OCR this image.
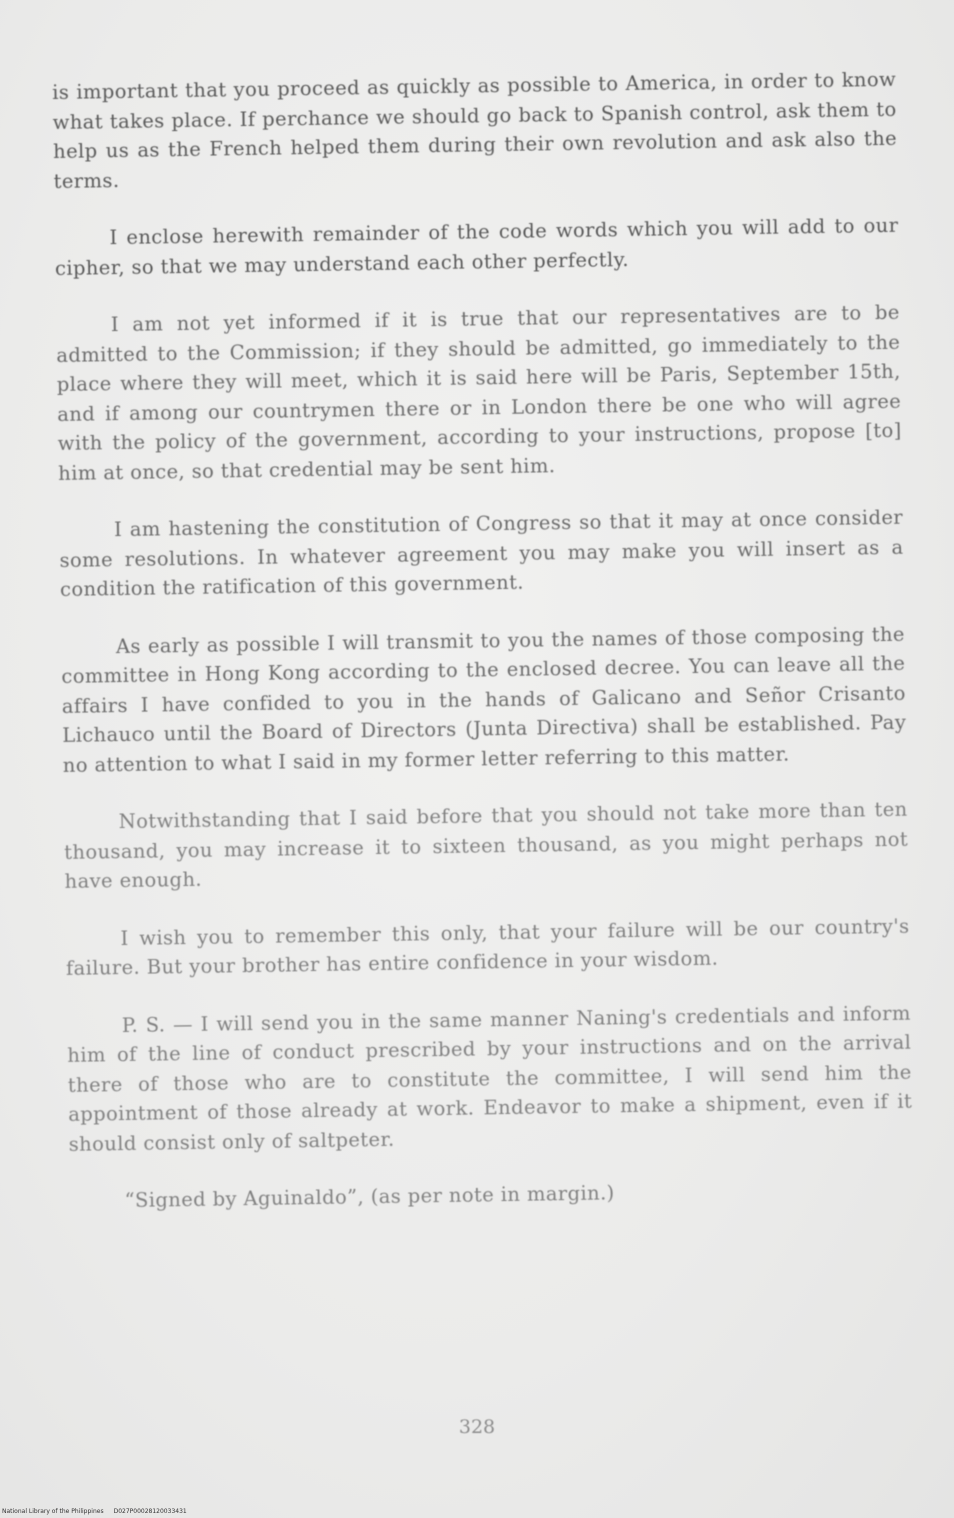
is important that you proceed as quickly as possible to America, in order to know what takes place. If perchance we should go back to Spanish control, ask them to help us as the French helped them during their own revolution and ask also the terms.

I enclose herewith remainder of the code words which you will add to our cipher, so that we may understand each other perfectly.

I am not yet informed if it is true that our representatives are to be admitted to the Commission; if they should be admitted, go immediately to the place where they will meet, which it is said here will be Paris, September 15th, and if among our countrymen there or in London there be one who will agree with the policy of the government, according to your instructions, propose [to] him at once, so that credential may be sent him.

I am hastening the constitution of Congress so that it may at once consider some resolutions. In whatever agreement you may make you will insert as a condition the ratification of this government.

As early as possible I will transmit to you the names of those composing the committee in Hong Kong according to the enclosed decree. You can leave all the affairs I have confided to you in the hands of Galicano and Señor Crisanto Lichauco until the Board of Directors (Junta Directiva) shall be established. Pay no attention to what I said in my former letter referring to this matter.

Notwithstanding that I said before that you should not take more than ten thousand, you may increase it to sixteen thousand, as you might perhaps not have enough.

I wish you to remember this only, that your failure will be our country's failure. But your brother has entire confidence in your wisdom.

P. S. — I will send you in the same manner Naning's credentials and inform him of the line of conduct prescribed by your instructions and on the arrival there of those who are to constitute the committee, I will send him the appointment of those already at work. Endeavor to make a shipment, even if it should consist only of saltpeter.

“Signed by Aguinaldo”, (as per note in margin.)

328
National Library of the Philippines D027P00028120033431
